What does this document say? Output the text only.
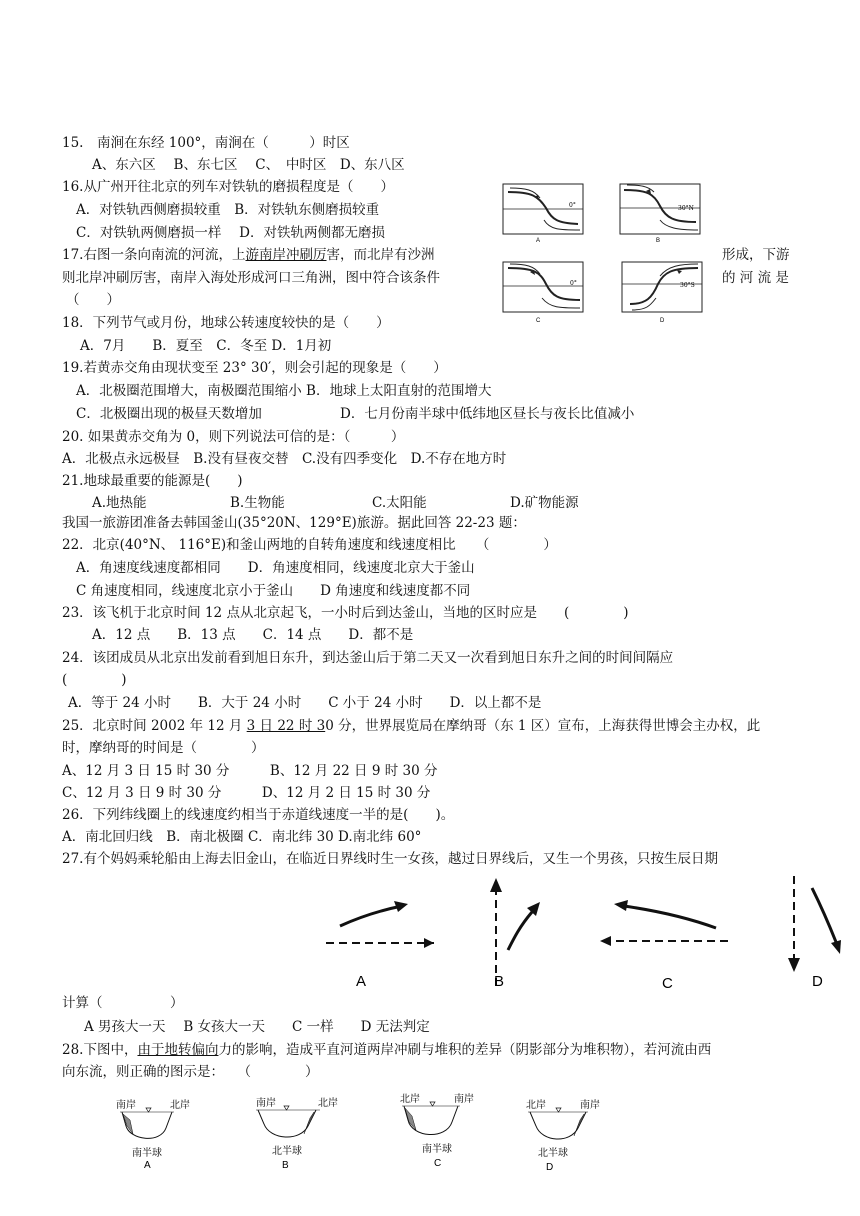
15.　南涧在东经 100°，南涧在（　　　）时区
A、东六区　 B、东七区　 C、　中时区　D、东八区
16.从广州开往北京的列车对铁轨的磨损程度是（　　）
A．对铁轨西侧磨损较重　B．对铁轨东侧磨损较重
C．对铁轨两侧磨损一样　 D．对铁轨两侧都无磨损
17.右图一条向南流的河流，上游南岸冲刷厉害，而北岸有沙洲	形成，下游
则北岸冲刷厉害，南岸入海处形成河口三角洲，图中符合该条件	的 河 流 是
（　　）
0°
A
30°N
B
0°
C
30°S
D
18．下列节气或月份，地球公转速度较快的是（　　）
A．7月　　B．夏至　C．冬至 D．1月初
19.若黄赤交角由现状变至 23° 30′，则会引起的现象是（　　）
A．北极圈范围增大，南极圈范围缩小 B．地球上太阳直射的范围增大
C．北极圈出现的极昼天数增加	D．七月份南半球中低纬地区昼长与夜长比值减小
20. 如果黄赤交角为 0，则下列说法可信的是：（　　　）
A．北极点永远极昼　B.没有昼夜交替　C.没有四季变化　D.不存在地方时
21.地球最重要的能源是(　　)
A.地热能	B.生物能	C.太阳能	D.矿物能源
我国一旅游团准备去韩国釜山(35°20N、129°E)旅游。据此回答 22-23 题：
22．北京(40°N、 116°E)和釜山两地的自转角速度和线速度相比　　（　　　　）
A．角速度线速度都相同　　D．角速度相同，线速度北京大于釜山
C 角速度相同，线速度北京小于釜山　　D 角速度和线速度都不同
23．该飞机于北京时间 12 点从北京起飞，一小时后到达釜山，当地的区时应是　　(　　　　)
A．12 点　　B．13 点　　C．14 点　　D．都不是
24．该团成员从北京出发前看到旭日东升，到达釜山后于第二天又一次看到旭日东升之间的时间间隔应
(　　　　)
A．等于 24 小时　　B．大于 24 小时　　C 小于 24 小时　　D．以上都不是
25．北京时间 2002 年 12 月 3 日 22 时 30 分，世界展览局在摩纳哥（东 1 区）宣布，上海获得世博会主办权，此
时，摩纳哥的时间是（　　　　）
A、12 月 3 日 15 时 30 分　　　B、12 月 22 日 9 时 30 分
C、12 月 3 日 9 时 30 分　　　D、12 月 2 日 15 时 30 分
26．下列纬线圈上的线速度约相当于赤道线速度一半的是(　　)。
A．南北回归线　B．南北极圈 C．南北纬 30 D.南北纬 60°
27.有个妈妈乘轮船由上海去旧金山，在临近日界线时生一女孩，越过日界线后，又生一个男孩，只按生辰日期
A	B	C	D
计算（　　　　　）
A 男孩大一天　 B 女孩大一天　　C 一样　　D 无法判定
28.下图中，由于地转偏向力的影响，造成平直河道两岸冲刷与堆积的差异（阴影部分为堆积物），若河流由西
向东流，则正确的图示是：　　（　　　　）
南岸	北岸
南半球
A
南岸	北岸
北半球
B
北岸	南岸
南半球
C
北岸	南岸
北半球
D
